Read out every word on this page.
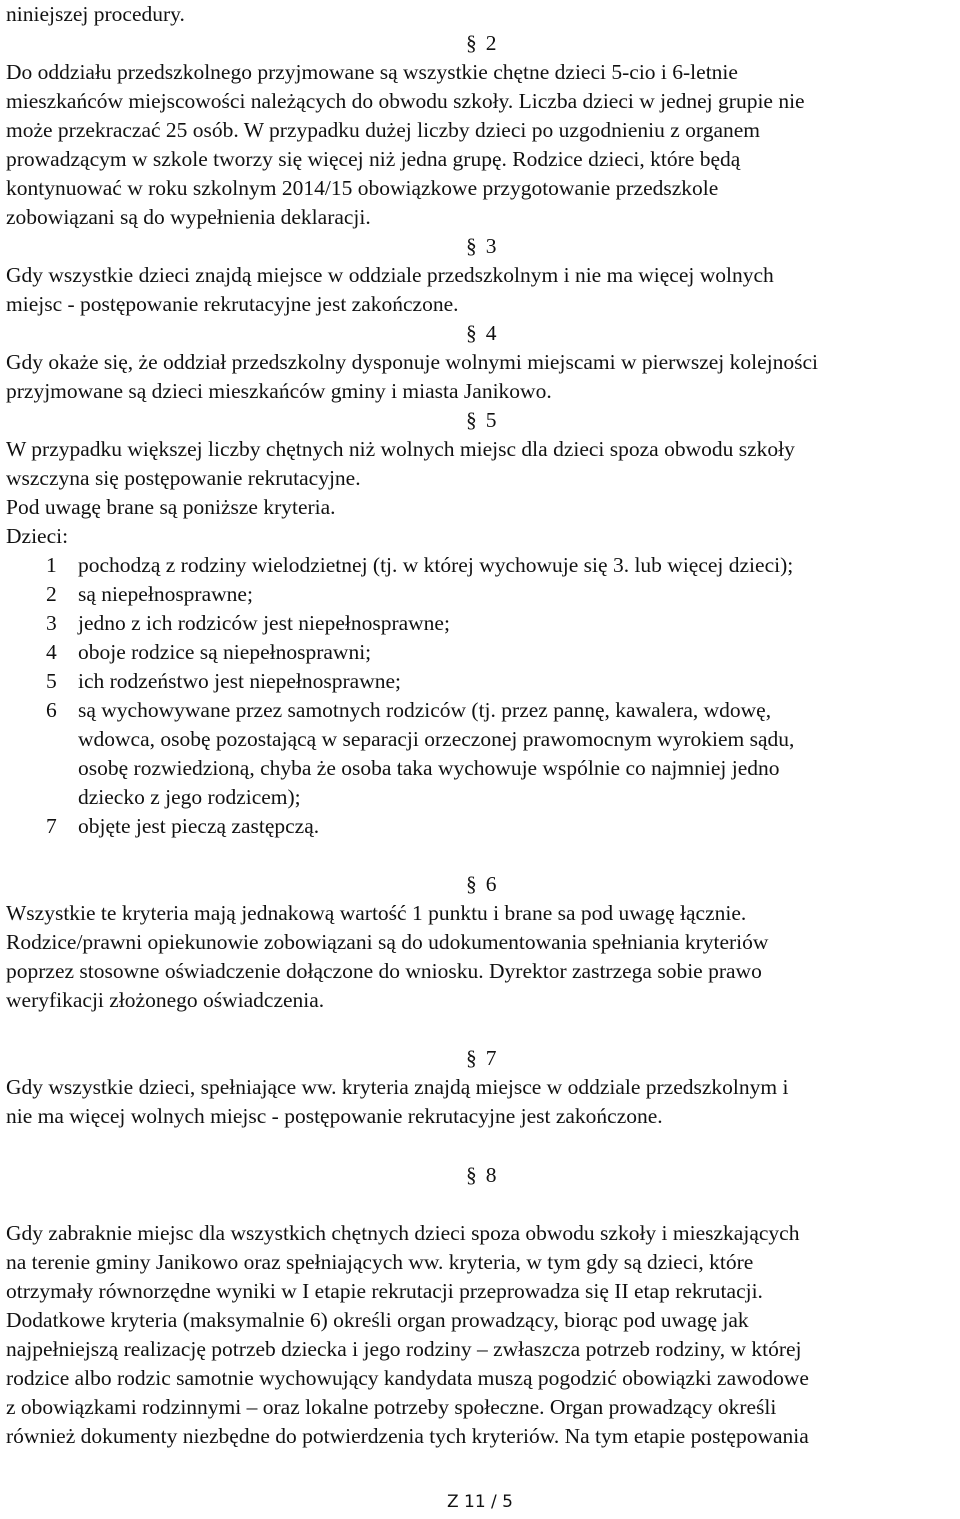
niniejszej procedury.
§ 2
Do oddziału przedszkolnego przyjmowane są wszystkie chętne dzieci 5-cio i 6-letnie
mieszkańców miejscowości należących do obwodu szkoły. Liczba dzieci w jednej grupie nie
może przekraczać 25 osób. W przypadku dużej liczby dzieci po uzgodnieniu z organem
prowadzącym w szkole tworzy się więcej niż jedna grupę. Rodzice dzieci, które będą
kontynuować w roku szkolnym 2014/15 obowiązkowe przygotowanie przedszkole
zobowiązani są do wypełnienia deklaracji.
§ 3
Gdy wszystkie dzieci znajdą miejsce w oddziale przedszkolnym i nie ma więcej wolnych
miejsc - postępowanie rekrutacyjne jest zakończone.
§ 4
Gdy okaże się, że oddział przedszkolny dysponuje wolnymi miejscami w pierwszej kolejności
przyjmowane są dzieci mieszkańców gminy i miasta Janikowo.
§ 5
W przypadku większej liczby chętnych niż wolnych miejsc dla dzieci spoza obwodu szkoły
wszczyna się postępowanie rekrutacyjne.
Pod uwagę brane są poniższe kryteria.
Dzieci:
1 pochodzą z rodziny wielodzietnej (tj. w której wychowuje się 3. lub więcej dzieci);
2 są niepełnosprawne;
3 jedno z ich rodziców jest niepełnosprawne;
4 oboje rodzice są niepełnosprawni;
5 ich rodzeństwo jest niepełnosprawne;
6 są wychowywane przez samotnych rodziców (tj. przez pannę, kawalera, wdowę,
wdowca, osobę pozostającą w separacji orzeczonej prawomocnym wyrokiem sądu,
osobę rozwiedzioną, chyba że osoba taka wychowuje wspólnie co najmniej jedno
dziecko z jego rodzicem);
7 objęte jest pieczą zastępczą.
§ 6
Wszystkie te kryteria mają jednakową wartość 1 punktu i brane sa pod uwagę łącznie.
Rodzice/prawni opiekunowie zobowiązani są do udokumentowania spełniania kryteriów
poprzez stosowne oświadczenie dołączone do wniosku. Dyrektor zastrzega sobie prawo
weryfikacji złożonego oświadczenia.
§ 7
Gdy wszystkie dzieci, spełniające ww. kryteria znajdą miejsce w oddziale przedszkolnym i
nie ma więcej wolnych miejsc - postępowanie rekrutacyjne jest zakończone.
§ 8
Gdy zabraknie miejsc dla wszystkich chętnych dzieci spoza obwodu szkoły i mieszkających
na terenie gminy Janikowo oraz spełniających ww. kryteria, w tym gdy są dzieci, które
otrzymały równorzędne wyniki w I etapie rekrutacji przeprowadza się II etap rekrutacji.
Dodatkowe kryteria (maksymalnie 6) określi organ prowadzący, biorąc pod uwagę jak
najpełniejszą realizację potrzeb dziecka i jego rodziny – zwłaszcza potrzeb rodziny, w której
rodzice albo rodzic samotnie wychowujący kandydata muszą pogodzić obowiązki zawodowe
z obowiązkami rodzinnymi – oraz lokalne potrzeby społeczne. Organ prowadzący określi
również dokumenty niezbędne do potwierdzenia tych kryteriów. Na tym etapie postępowania
Z 11 / 5
